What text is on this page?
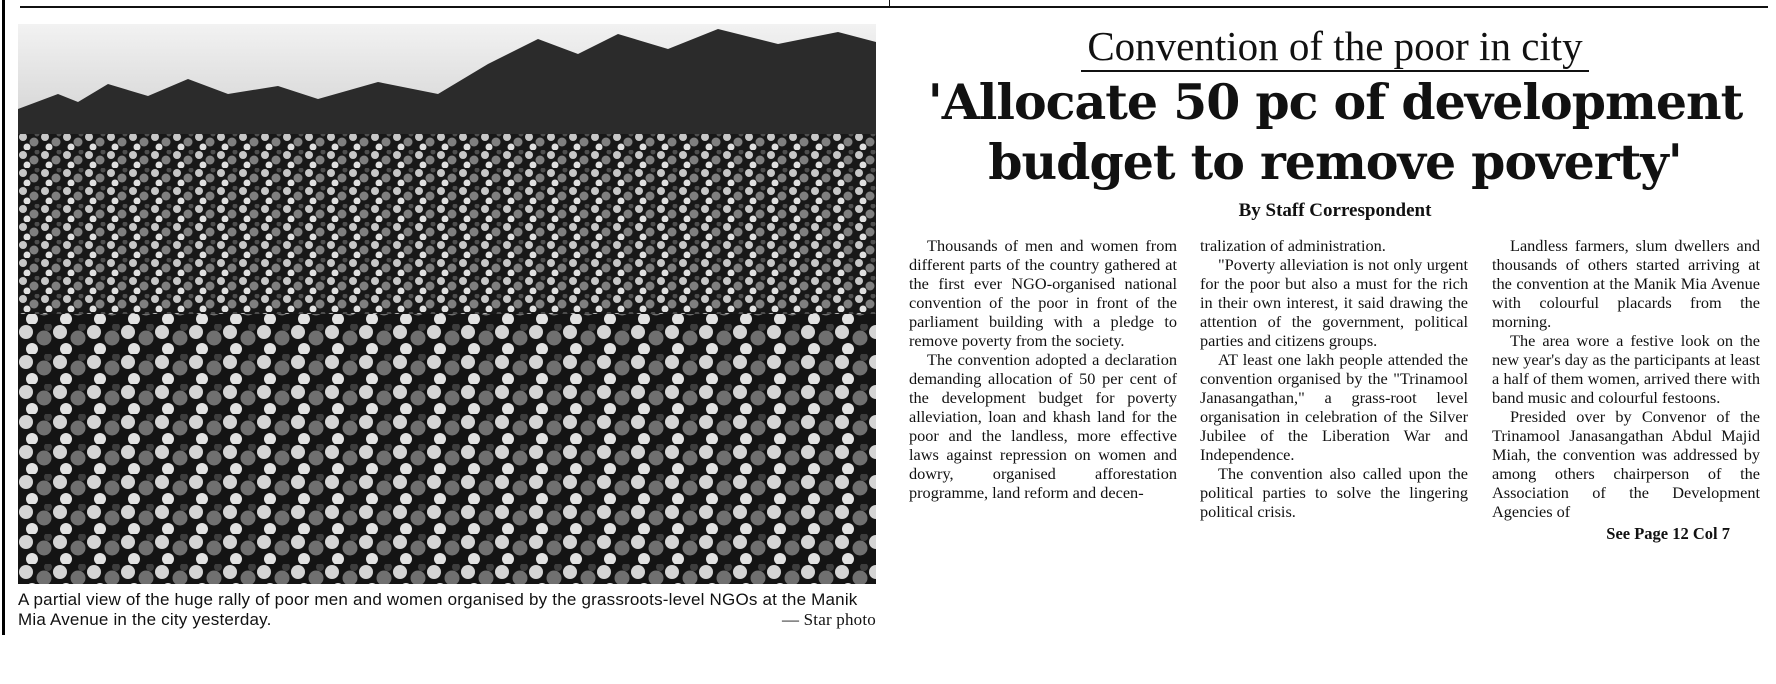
A partial view of the huge rally of poor men and women organised by the grassroots-level NGOs at the Manik Mia Avenue in the city yesterday.	— Star photo
Convention of the poor in city
'Allocate 50 pc of development
budget to remove poverty'
By Staff Correspondent

Thousands of men and women from different parts of the country gathered at the first ever NGO-organised national convention of the poor in front of the parliament building with a pledge to remove poverty from the society.

The convention adopted a declaration demanding allocation of 50 per cent of the development budget for poverty alleviation, loan and khash land for the poor and the landless, more effective laws against repression on women and dowry, organised afforestation programme, land reform and decen-

tralization of administration.

"Poverty alleviation is not only urgent for the poor but also a must for the rich in their own interest, it said drawing the attention of the government, political parties and citizens groups.

AT least one lakh people attended the convention organised by the "Trinamool Janasangathan," a grass-root level organisation in celebration of the Silver Jubilee of the Liberation War and Independence.

The convention also called upon the political parties to solve the lingering political crisis.

Landless farmers, slum dwellers and thousands of others started arriving at the convention at the Manik Mia Avenue with colourful placards from the morning.

The area wore a festive look on the new year's day as the participants at least a half of them women, arrived there with band music and colourful festoons.

Presided over by Convenor of the Trinamool Janasangathan Abdul Majid Miah, the convention was addressed by among others chairperson of the Association of the Development Agencies of

See Page 12 Col 7
